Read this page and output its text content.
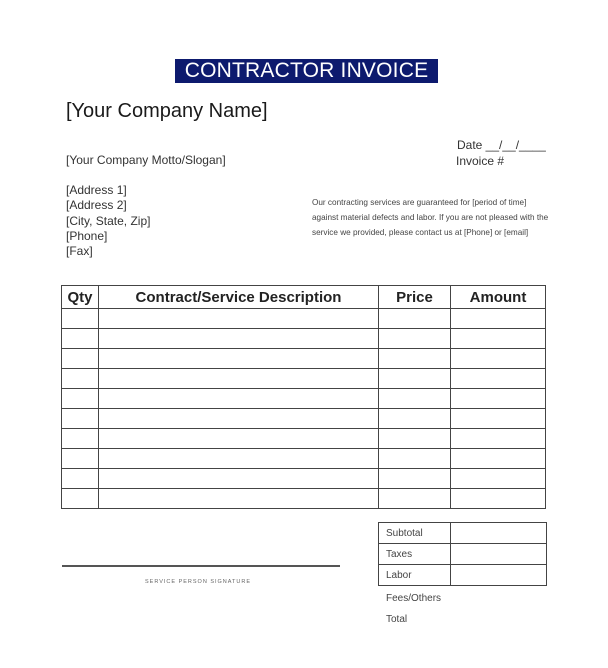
CONTRACTOR INVOICE
[Your Company Name]
[Your Company Motto/Slogan]
Date __/__/____
Invoice #
[Address 1]
[Address 2]
[City, State, Zip]
[Phone]
[Fax]
Our contracting services are guaranteed for [period of time] against material defects and labor. If you are not pleased with the service we provided, please contact us at [Phone] or [email]
Qty	Contract/Service Description	Price	Amount

Subtotal	
Taxes	
Labor	
Fees/Others
Total
SERVICE PERSON SIGNATURE
